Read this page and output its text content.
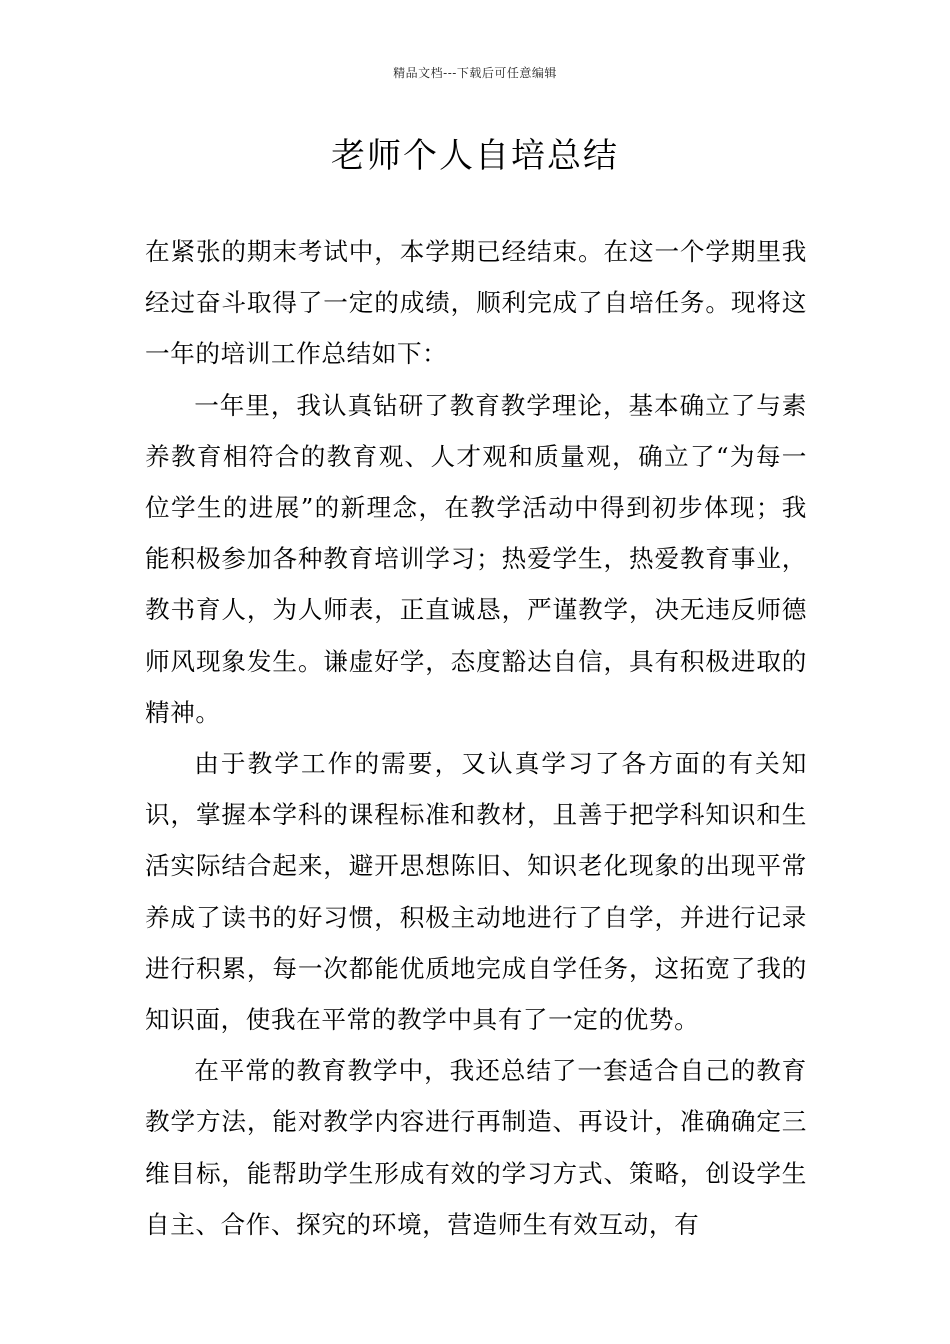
精品文档---下载后可任意编辑
老师个人自培总结

在紧张的期末考试中，本学期已经结束。在这一个学期里我经过奋斗取得了一定的成绩，顺利完成了自培任务。现将这一年的培训工作总结如下：

一年里，我认真钻研了教育教学理论，基本确立了与素养教育相符合的教育观、人才观和质量观，确立了“为每一位学生的进展”的新理念，在教学活动中得到初步体现；我能积极参加各种教育培训学习；热爱学生，热爱教育事业，教书育人，为人师表，正直诚恳，严谨教学，决无违反师德师风现象发生。谦虚好学，态度豁达自信，具有积极进取的精神。

由于教学工作的需要，又认真学习了各方面的有关知识，掌握本学科的课程标准和教材，且善于把学科知识和生活实际结合起来，避开思想陈旧、知识老化现象的出现平常养成了读书的好习惯，积极主动地进行了自学，并进行记录进行积累，每一次都能优质地完成自学任务，这拓宽了我的知识面，使我在平常的教学中具有了一定的优势。

在平常的教育教学中，我还总结了一套适合自己的教育教学方法，能对教学内容进行再制造、再设计，准确确定三维目标，能帮助学生形成有效的学习方式、策略，创设学生自主、合作、探究的环境，营造师生有效互动，有
